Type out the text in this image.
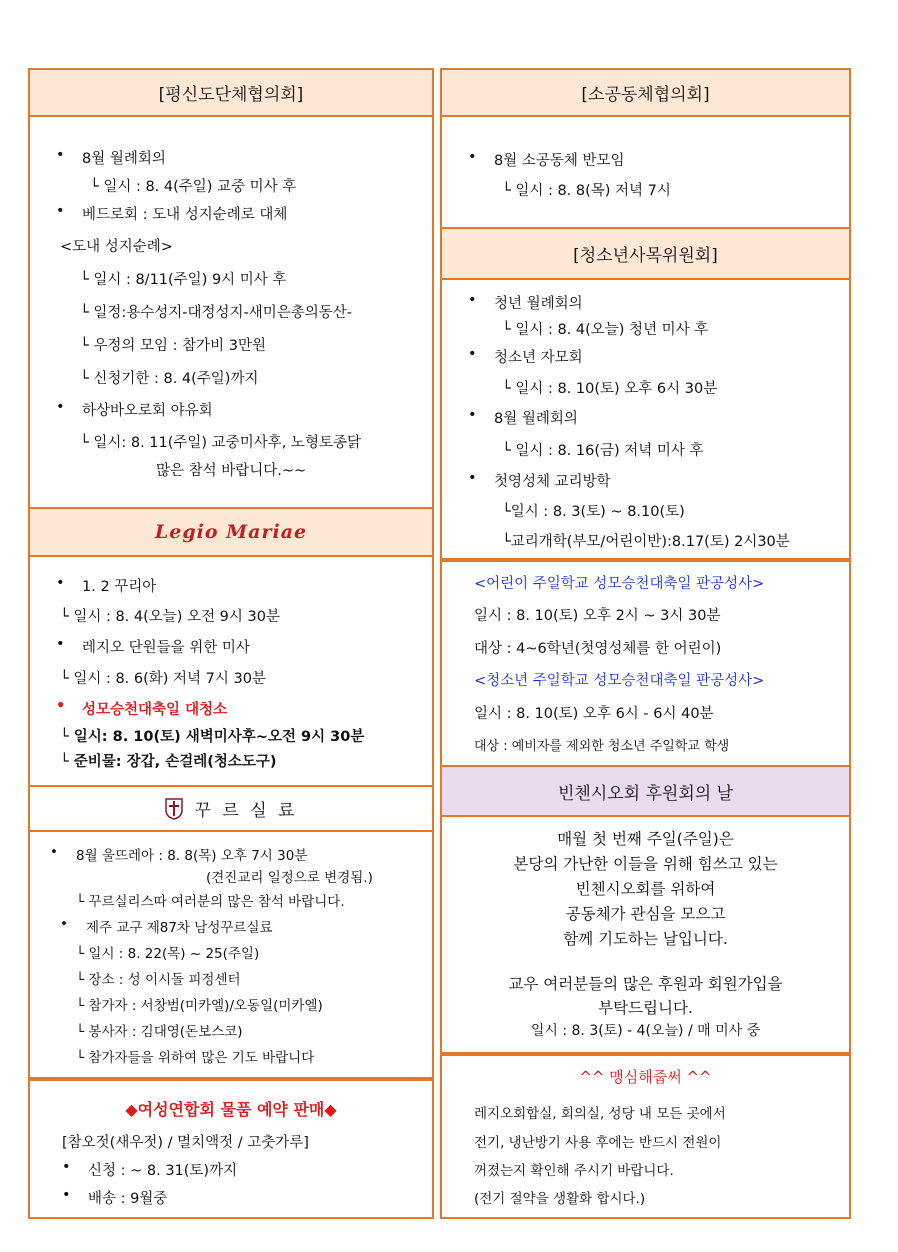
[평신도단체협의회]
• 8월 월례회의
└ 일시 : 8. 4(주일) 교중 미사 후
• 베드로회 : 도내 성지순례로 대체
<도내 성지순례>
└ 일시 : 8/11(주일) 9시 미사 후
└ 일정:용수성지-대정성지-새미은총의동산-
└ 우정의 모임 : 참가비 3만원
└ 신청기한 : 8. 4(주일)까지
• 하상바오로회 야유회
└ 일시: 8. 11(주일) 교중미사후, 노형토종닭
많은 참석 바랍니다.~~
Legio Mariae
• 1. 2 꾸리아
└ 일시 : 8. 4(오늘) 오전 9시 30분
• 레지오 단원들을 위한 미사
└ 일시 : 8. 6(화) 저녁 7시 30분
• 성모승천대축일 대청소
└ 일시: 8. 10(토) 새벽미사후~오전 9시 30분
└ 준비물: 장갑, 손걸레(청소도구)
꾸 르 실 료
• 8월 울뜨레아 : 8. 8(목) 오후 7시 30분
(견진교리 일정으로 변경됨.)
└ 꾸르실리스따 여러분의 많은 참석 바랍니다.
• 제주 교구 제87차 남성꾸르실료
└ 일시 : 8. 22(목) ~ 25(주일)
└ 장소 : 성 이시돌 피정센터
└ 참가자 : 서창범(미카엘)/오동일(미카엘)
└ 봉사자 : 김대영(돈보스코)
└ 참가자들을 위하여 많은 기도 바랍니다
◆여성연합회 물품 예약 판매◆
[참오젓(새우젓) / 멸치액젓 / 고춧가루]
• 신청 : ~ 8. 31(토)까지
• 배송 : 9월중
[소공동체협의회]
• 8월 소공동체 반모임
└ 일시 : 8. 8(목) 저녁 7시
[청소년사목위원회]
• 청년 월례회의
└ 일시 : 8. 4(오늘) 청년 미사 후
• 청소년 자모회
└ 일시 : 8. 10(토) 오후 6시 30분
• 8월 월례회의
└ 일시 : 8. 16(금) 저녁 미사 후
• 첫영성체 교리방학
└일시 : 8. 3(토) ~ 8.10(토)
└교리개학(부모/어린이반):8.17(토) 2시30분
<어린이 주일학교 성모승천대축일 판공성사>
일시 : 8. 10(토) 오후 2시 ~ 3시 30분
대상 : 4~6학년(첫영성체를 한 어린이)
<청소년 주일학교 성모승천대축일 판공성사>
일시 : 8. 10(토) 오후 6시 - 6시 40분
대상 : 예비자를 제외한 청소년 주일학교 학생
빈첸시오회 후원회의 날
매월 첫 번째 주일(주일)은
본당의 가난한 이들을 위해 힘쓰고 있는
빈첸시오회를 위하여
공동체가 관심을 모으고
함께 기도하는 날입니다.
교우 여러분들의 많은 후원과 회원가입을
부탁드립니다.
일시 : 8. 3(토) - 4(오늘) / 매 미사 중
^^ 맹심해줍써 ^^
레지오회합실, 회의실, 성당 내 모든 곳에서
전기, 냉난방기 사용 후에는 반드시 전원이
꺼졌는지 확인해 주시기 바랍니다.
(전기 절약을 생활화 합시다.)
